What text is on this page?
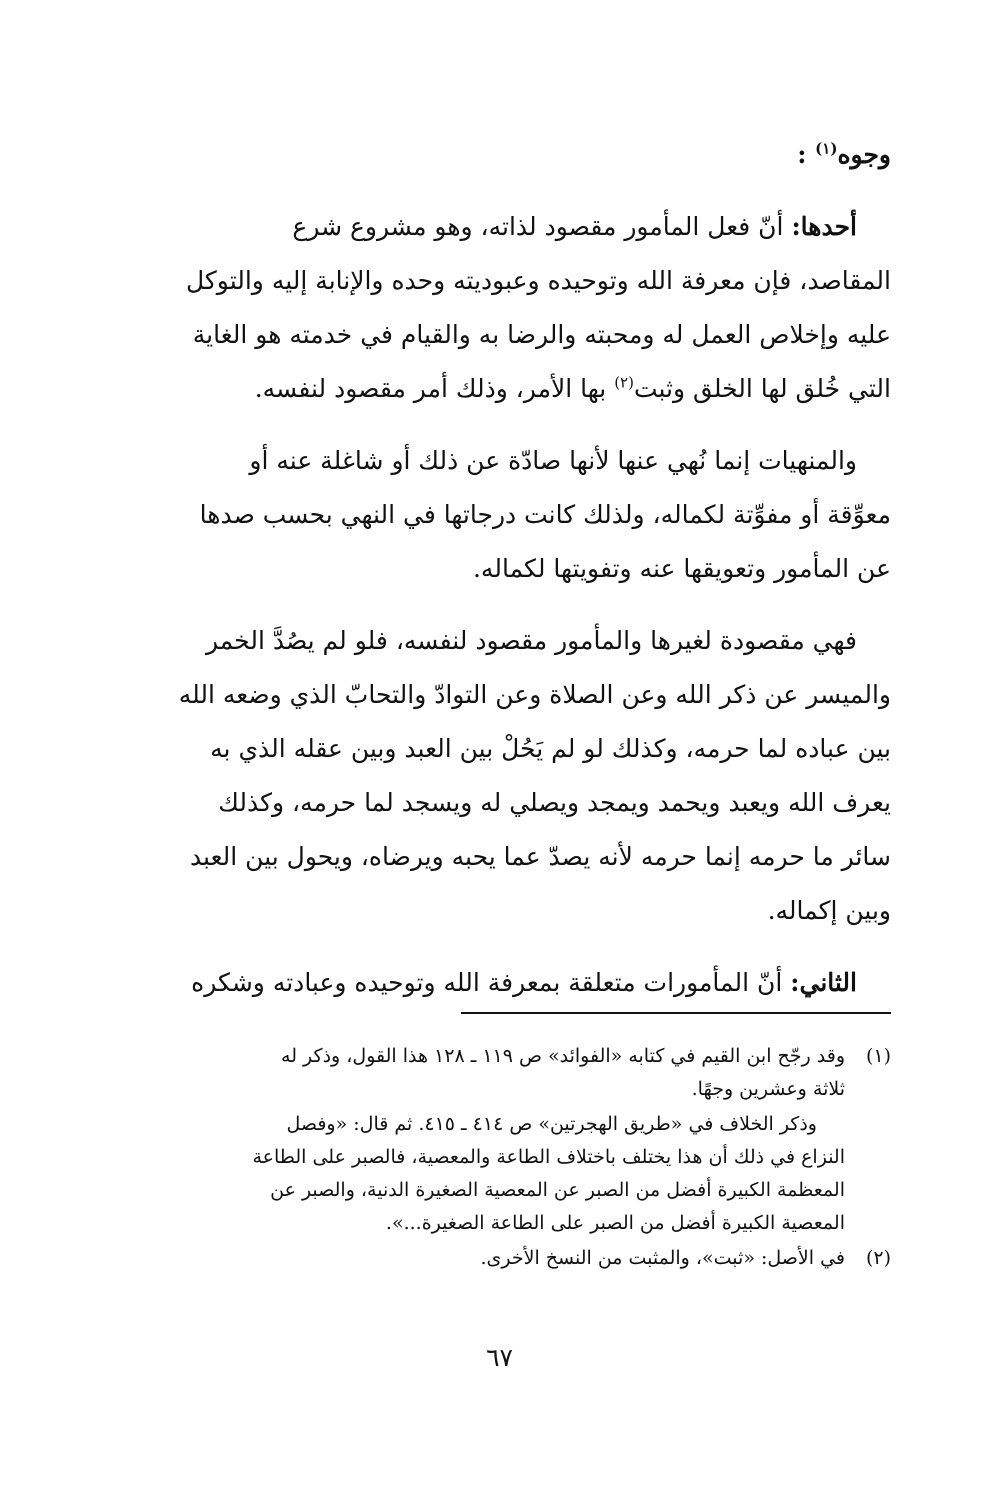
وجوه$^{(١)}$ :
أحدها: أنّ فعل المأمور مقصود لذاته، وهو مشروع شرع
المقاصد، فإن معرفة الله وتوحيده وعبوديته وحده والإنابة إليه والتوكل
عليه وإخلاص العمل له ومحبته والرضا به والقيام في خدمته هو الغاية
التي خُلق لها الخلق وثبت$^{(٢)}$ بها الأمر، وذلك أمر مقصود لنفسه.
والمنهيات إنما نُهي عنها لأنها صادّة عن ذلك أو شاغلة عنه أو
معوِّقة أو مفوِّتة لكماله، ولذلك كانت درجاتها في النهي بحسب صدها
عن المأمور وتعويقها عنه وتفويتها لكماله.
فهي مقصودة لغيرها والمأمور مقصود لنفسه، فلو لم يصُدَّ الخمر
والميسر عن ذكر الله وعن الصلاة وعن التوادّ والتحابّ الذي وضعه الله
بين عباده لما حرمه، وكذلك لو لم يَحُلْ بين العبد وبين عقله الذي به
يعرف الله ويعبد ويحمد ويمجد ويصلي له ويسجد لما حرمه، وكذلك
سائر ما حرمه إنما حرمه لأنه يصدّ عما يحبه ويرضاه، ويحول بين العبد
وبين إكماله.
الثاني: أنّ المأمورات متعلقة بمعرفة الله وتوحيده وعبادته وشكره
(١)
وقد رجّح ابن القيم في كتابه «الفوائد» ص ١١٩ ـ ١٢٨ هذا القول، وذكر له
ثلاثة وعشرين وجهًا.
وذكر الخلاف في «طريق الهجرتين» ص ٤١٤ ـ ٤١٥. ثم قال: «وفصل
النزاع في ذلك أن هذا يختلف باختلاف الطاعة والمعصية، فالصبر على الطاعة
المعظمة الكبيرة أفضل من الصبر عن المعصية الصغيرة الدنية، والصبر عن
المعصية الكبيرة أفضل من الصبر على الطاعة الصغيرة...».
(٢)
في الأصل: «ثبت»، والمثبت من النسخ الأخرى.
٦٧
